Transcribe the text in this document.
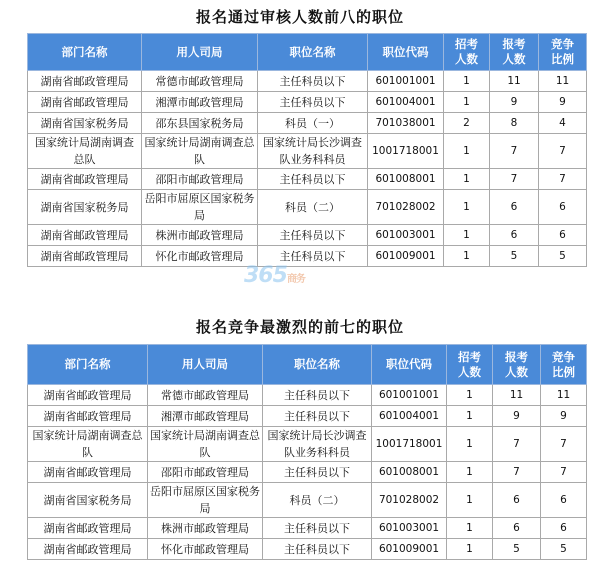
报名通过审核人数前八的职位
部门名称	用人司局	职位名称	职位代码	招考人数	报考人数	竞争比例
湖南省邮政管理局	常德市邮政管理局	主任科员以下	601001001	1	11	11
湖南省邮政管理局	湘潭市邮政管理局	主任科员以下	601004001	1	9	9
湖南省国家税务局	邵东县国家税务局	科员（一）	701038001	2	8	4
国家统计局湖南调查总队	国家统计局湖南调查总队	国家统计局长沙调查队业务科科员	1001718001	1	7	7
湖南省邮政管理局	邵阳市邮政管理局	主任科员以下	601008001	1	7	7
湖南省国家税务局	岳阳市屈原区国家税务局	科员（二）	701028002	1	6	6
湖南省邮政管理局	株洲市邮政管理局	主任科员以下	601003001	1	6	6
湖南省邮政管理局	怀化市邮政管理局	主任科员以下	601009001	1	5	5
365商务
报名竞争最激烈的前七的职位
部门名称	用人司局	职位名称	职位代码	招考人数	报考人数	竞争比例
湖南省邮政管理局	常德市邮政管理局	主任科员以下	601001001	1	11	11
湖南省邮政管理局	湘潭市邮政管理局	主任科员以下	601004001	1	9	9
国家统计局湖南调查总队	国家统计局湖南调查总队	国家统计局长沙调查队业务科科员	1001718001	1	7	7
湖南省邮政管理局	邵阳市邮政管理局	主任科员以下	601008001	1	7	7
湖南省国家税务局	岳阳市屈原区国家税务局	科员（二）	701028002	1	6	6
湖南省邮政管理局	株洲市邮政管理局	主任科员以下	601003001	1	6	6
湖南省邮政管理局	怀化市邮政管理局	主任科员以下	601009001	1	5	5
